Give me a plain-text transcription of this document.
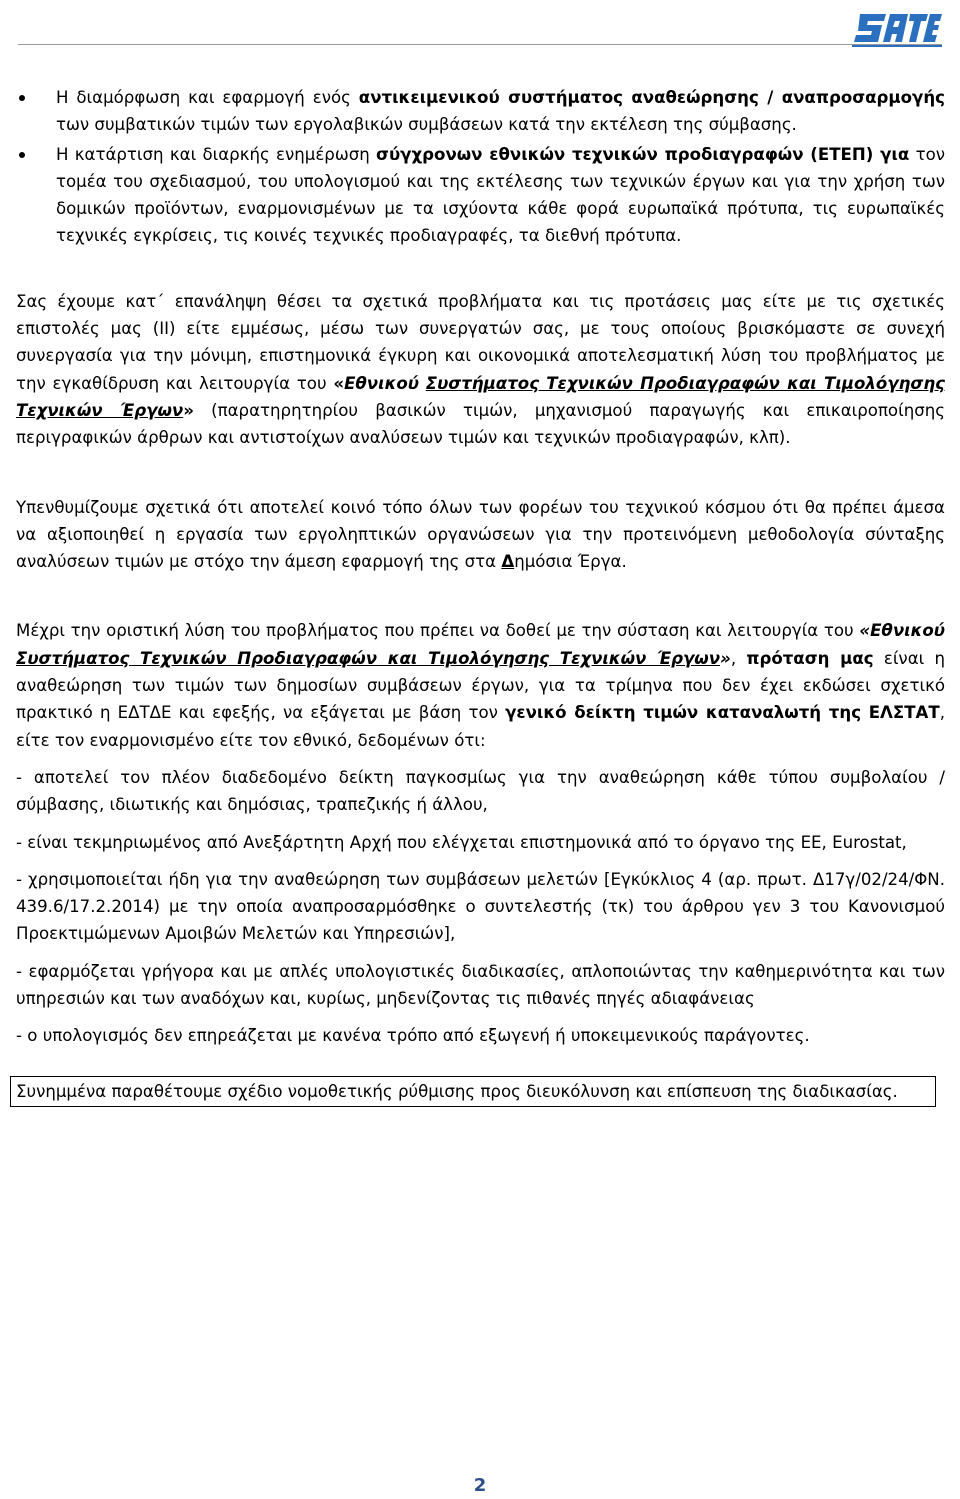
Η διαμόρφωση και εφαρμογή ενός αντικειμενικού συστήματος αναθεώρησης / αναπροσαρμογής των συμβατικών τιμών των εργολαβικών συμβάσεων κατά την εκτέλεση της σύμβασης.
Η κατάρτιση και διαρκής ενημέρωση σύγχρονων εθνικών τεχνικών προδιαγραφών (ΕΤΕΠ) για τον τομέα του σχεδιασμού, του υπολογισμού και της εκτέλεσης των τεχνικών έργων και για την χρήση των δομικών προϊόντων, εναρμονισμένων με τα ισχύοντα κάθε φορά ευρωπαϊκά πρότυπα, τις ευρωπαϊκές τεχνικές εγκρίσεις, τις κοινές τεχνικές προδιαγραφές, τα διεθνή πρότυπα.

Σας έχουμε κατ΄ επανάληψη θέσει τα σχετικά προβλήματα και τις προτάσεις μας είτε με τις σχετικές επιστολές μας (ΙΙ) είτε εμμέσως, μέσω των συνεργατών σας, με τους οποίους βρισκόμαστε σε συνεχή συνεργασία για την μόνιμη, επιστημονικά έγκυρη και οικονομικά αποτελεσματική λύση του προβλήματος με την εγκαθίδρυση και λειτουργία του «Εθνικού Συστήματος Τεχνικών Προδιαγραφών και Τιμολόγησης Τεχνικών Έργων» (παρατηρητηρίου βασικών τιμών, μηχανισμού παραγωγής και επικαιροποίησης περιγραφικών άρθρων και αντιστοίχων αναλύσεων τιμών και τεχνικών προδιαγραφών, κλπ).

Υπενθυμίζουμε σχετικά ότι αποτελεί κοινό τόπο όλων των φορέων του τεχνικού κόσμου ότι θα πρέπει άμεσα να αξιοποιηθεί η εργασία των εργοληπτικών οργανώσεων για την προτεινόμενη μεθοδολογία σύνταξης αναλύσεων τιμών με στόχο την άμεση εφαρμογή της στα Δημόσια Έργα.

Μέχρι την οριστική λύση του προβλήματος που πρέπει να δοθεί με την σύσταση και λειτουργία του «Εθνικού Συστήματος Τεχνικών Προδιαγραφών και Τιμολόγησης Τεχνικών Έργων», πρόταση μας είναι η αναθεώρηση των τιμών των δημοσίων συμβάσεων έργων, για τα τρίμηνα που δεν έχει εκδώσει σχετικό πρακτικό η ΕΔΤΔΕ και εφεξής, να εξάγεται με βάση τον γενικό δείκτη τιμών καταναλωτή της ΕΛΣΤΑΤ, είτε τον εναρμονισμένο είτε τον εθνικό, δεδομένων ότι:

- αποτελεί τον πλέον διαδεδομένο δείκτη παγκοσμίως για την αναθεώρηση κάθε τύπου συμβολαίου / σύμβασης, ιδιωτικής και δημόσιας, τραπεζικής ή άλλου,

- είναι τεκμηριωμένος από Ανεξάρτητη Αρχή που ελέγχεται επιστημονικά από το όργανο της ΕΕ, Eurostat,

- χρησιμοποιείται ήδη για την αναθεώρηση των συμβάσεων μελετών [Εγκύκλιος 4 (αρ. πρωτ. Δ17γ/02/24/ΦΝ. 439.6/17.2.2014) με την οποία αναπροσαρμόσθηκε ο συντελεστής (τκ) του άρθρου γεν 3 του Κανονισμού Προεκτιμώμενων Αμοιβών Μελετών και Υπηρεσιών],

- εφαρμόζεται γρήγορα και με απλές υπολογιστικές διαδικασίες, απλοποιώντας την καθημερινότητα και των υπηρεσιών και των αναδόχων και, κυρίως, μηδενίζοντας τις πιθανές πηγές αδιαφάνειας

- ο υπολογισμός δεν επηρεάζεται με κανένα τρόπο από εξωγενή ή υποκειμενικούς παράγοντες.

Συνημμένα παραθέτουμε σχέδιο νομοθετικής ρύθμισης προς διευκόλυνση και επίσπευση της διαδικασίας.

2
